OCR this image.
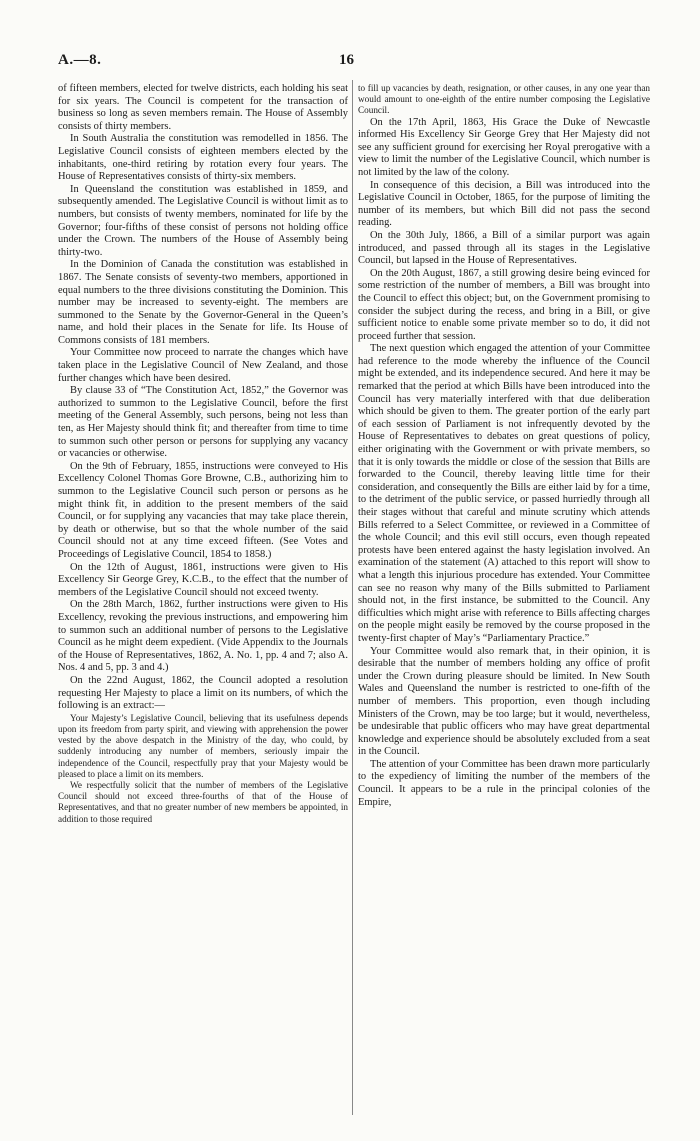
A.—8.	16

of fifteen members, elected for twelve districts, each holding his seat for six years. The Council is competent for the transaction of business so long as seven members remain. The House of Assembly consists of thirty members.

In South Australia the constitution was remodelled in 1856. The Legislative Council consists of eighteen members elected by the inhabitants, one-third retiring by rotation every four years. The House of Representatives consists of thirty-six members.

In Queensland the constitution was established in 1859, and subsequently amended. The Legislative Council is without limit as to numbers, but consists of twenty members, nominated for life by the Governor; four-fifths of these consist of persons not holding office under the Crown. The numbers of the House of Assembly being thirty-two.

In the Dominion of Canada the constitution was established in 1867. The Senate consists of seventy-two members, apportioned in equal numbers to the three divisions constituting the Dominion. This number may be increased to seventy-eight. The members are summoned to the Senate by the Governor-General in the Queen’s name, and hold their places in the Senate for life. Its House of Commons consists of 181 members.

Your Committee now proceed to narrate the changes which have taken place in the Legislative Council of New Zealand, and those further changes which have been desired.

By clause 33 of “The Constitution Act, 1852,” the Governor was authorized to summon to the Legislative Council, before the first meeting of the General Assembly, such persons, being not less than ten, as Her Majesty should think fit; and thereafter from time to time to summon such other person or persons for supplying any vacancy or vacancies or otherwise.

On the 9th of February, 1855, instructions were conveyed to His Excellency Colonel Thomas Gore Browne, C.B., authorizing him to summon to the Legislative Council such person or persons as he might think fit, in addition to the present members of the said Council, or for supplying any vacancies that may take place therein, by death or otherwise, but so that the whole number of the said Council should not at any time exceed fifteen. (See Votes and Proceedings of Legislative Council, 1854 to 1858.)

On the 12th of August, 1861, instructions were given to His Excellency Sir George Grey, K.C.B., to the effect that the number of members of the Legislative Council should not exceed twenty.

On the 28th March, 1862, further instructions were given to His Excellency, revoking the previous instructions, and empowering him to summon such an additional number of persons to the Legislative Council as he might deem expedient. (Vide Appendix to the Journals of the House of Representatives, 1862, A. No. 1, pp. 4 and 7; also A. Nos. 4 and 5, pp. 3 and 4.)

On the 22nd August, 1862, the Council adopted a resolution requesting Her Majesty to place a limit on its numbers, of which the following is an extract:—

Your Majesty’s Legislative Council, believing that its usefulness depends upon its freedom from party spirit, and viewing with apprehension the power vested by the above despatch in the Ministry of the day, who could, by suddenly introducing any number of members, seriously impair the independence of the Council, respectfully pray that your Majesty would be pleased to place a limit on its members.

We respectfully solicit that the number of members of the Legislative Council should not exceed three-fourths of that of the House of Representatives, and that no greater number of new members be appointed, in addition to those required

to fill up vacancies by death, resignation, or other causes, in any one year than would amount to one-eighth of the entire number composing the Legislative Council.

On the 17th April, 1863, His Grace the Duke of Newcastle informed His Excellency Sir George Grey that Her Majesty did not see any sufficient ground for exercising her Royal prerogative with a view to limit the number of the Legislative Council, which number is not limited by the law of the colony.

In consequence of this decision, a Bill was introduced into the Legislative Council in October, 1865, for the purpose of limiting the number of its members, but which Bill did not pass the second reading.

On the 30th July, 1866, a Bill of a similar purport was again introduced, and passed through all its stages in the Legislative Council, but lapsed in the House of Representatives.

On the 20th August, 1867, a still growing desire being evinced for some restriction of the number of members, a Bill was brought into the Council to effect this object; but, on the Government promising to consider the subject during the recess, and bring in a Bill, or give sufficient notice to enable some private member so to do, it did not proceed further that session.

The next question which engaged the attention of your Committee had reference to the mode whereby the influence of the Council might be extended, and its independence secured. And here it may be remarked that the period at which Bills have been introduced into the Council has very materially interfered with that due deliberation which should be given to them. The greater portion of the early part of each session of Parliament is not infrequently devoted by the House of Representatives to debates on great questions of policy, either originating with the Government or with private members, so that it is only towards the middle or close of the session that Bills are forwarded to the Council, thereby leaving little time for their consideration, and consequently the Bills are either laid by for a time, to the detriment of the public service, or passed hurriedly through all their stages without that careful and minute scrutiny which attends Bills referred to a Select Committee, or reviewed in a Committee of the whole Council; and this evil still occurs, even though repeated protests have been entered against the hasty legislation involved. An examination of the statement (A) attached to this report will show to what a length this injurious procedure has extended. Your Committee can see no reason why many of the Bills submitted to Parliament should not, in the first instance, be submitted to the Council. Any difficulties which might arise with reference to Bills affecting charges on the people might easily be removed by the course proposed in the twenty-first chapter of May’s “Parliamentary Practice.”

Your Committee would also remark that, in their opinion, it is desirable that the number of members holding any office of profit under the Crown during pleasure should be limited. In New South Wales and Queensland the number is restricted to one-fifth of the number of members. This proportion, even though including Ministers of the Crown, may be too large; but it would, nevertheless, be undesirable that public officers who may have great departmental knowledge and experience should be absolutely excluded from a seat in the Council.

The attention of your Committee has been drawn more particularly to the expediency of limiting the number of the members of the Council. It appears to be a rule in the principal colonies of the Empire,
